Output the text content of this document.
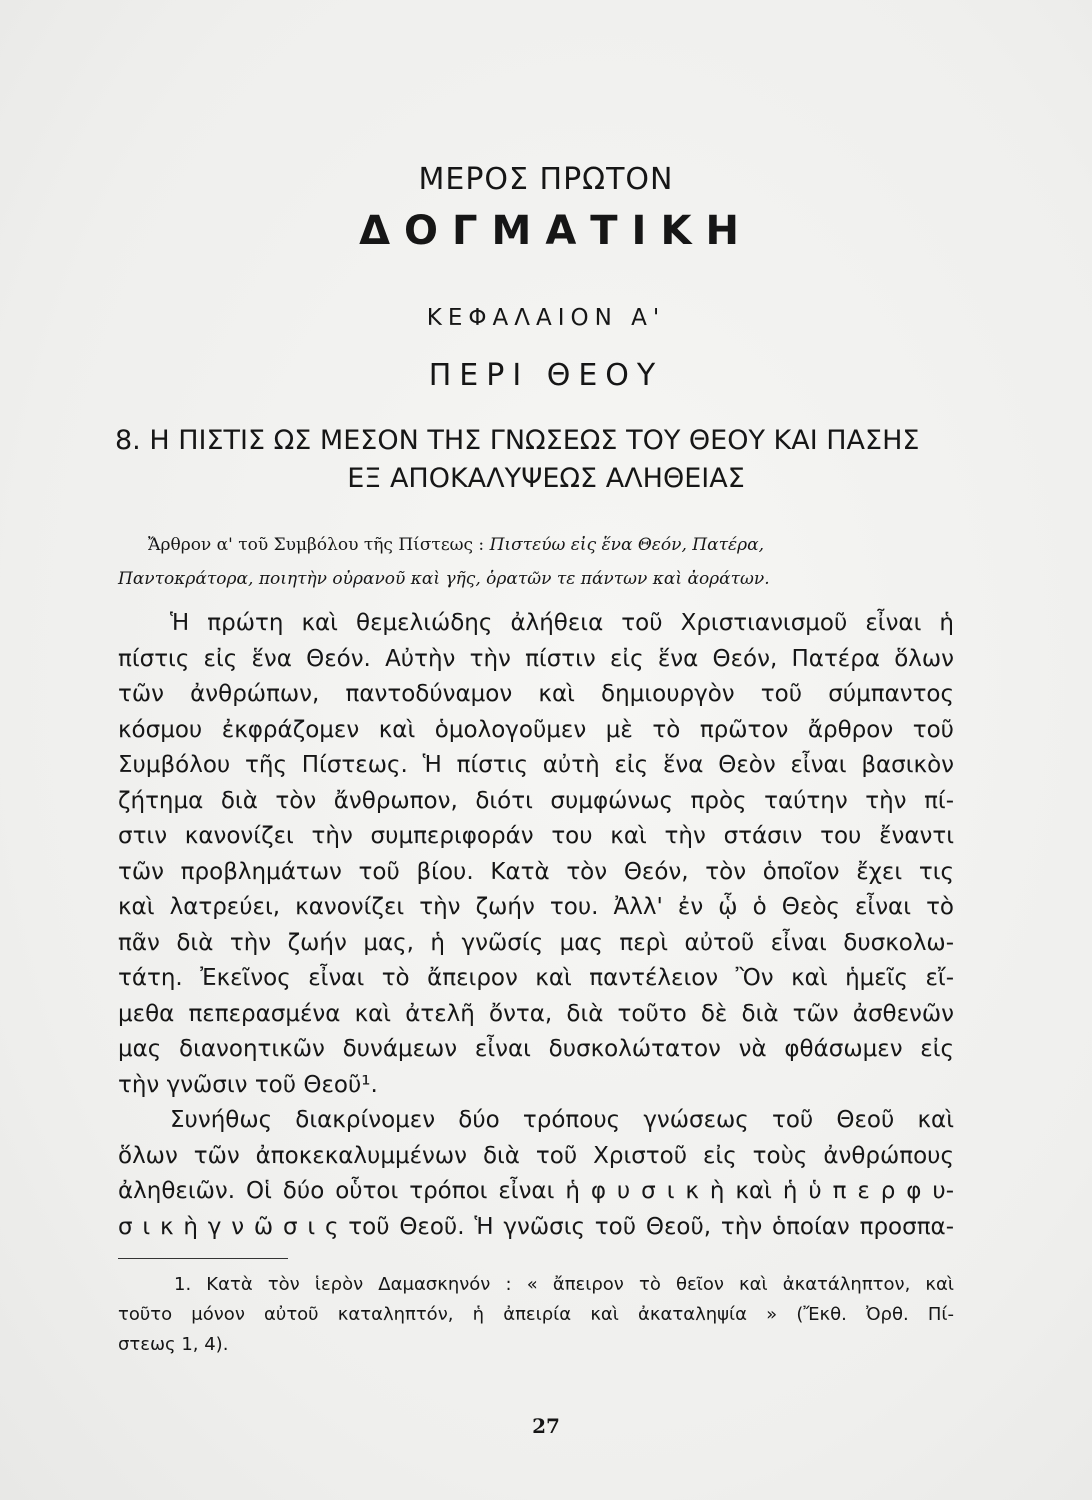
ΜΕΡΟΣ ΠΡΩΤΟΝ
ΔΟΓΜΑΤΙΚΗ
ΚΕΦΑΛΑΙΟΝ Α'
ΠΕΡΙ ΘΕΟΥ
8. Η ΠΙΣΤΙΣ ΩΣ ΜΕΣΟΝ ΤΗΣ ΓΝΩΣΕΩΣ ΤΟΥ ΘΕΟΥ ΚΑΙ ΠΑΣΗΣ
ΕΞ ΑΠΟΚΑΛΥΨΕΩΣ ΑΛΗΘΕΙΑΣ
Ἄρθρον α' τοῦ Συμβόλου τῆς Πίστεως : Πιστεύω εἰς ἕνα Θεόν, Πατέρα,
Παντοκράτορα, ποιητὴν οὐρανοῦ καὶ γῆς, ὁρατῶν τε πάντων καὶ ἀοράτων.
Ἡ πρώτη καὶ θεμελιώδης ἀλήθεια τοῦ Χριστιανισμοῦ εἶναι ἡ
πίστις εἰς ἕνα Θεόν. Αὐτὴν τὴν πίστιν εἰς ἕνα Θεόν, Πατέρα ὅλων
τῶν ἀνθρώπων, παντοδύναμον καὶ δημιουργὸν τοῦ σύμπαντος
κόσμου ἐκφράζομεν καὶ ὁμολογοῦμεν μὲ τὸ πρῶτον ἄρθρον τοῦ
Συμβόλου τῆς Πίστεως. Ἡ πίστις αὐτὴ εἰς ἕνα Θεὸν εἶναι βασικὸν
ζήτημα διὰ τὸν ἄνθρωπον, διότι συμφώνως πρὸς ταύτην τὴν πί-
στιν κανονίζει τὴν συμπεριφοράν του καὶ τὴν στάσιν του ἔναντι
τῶν προβλημάτων τοῦ βίου. Κατὰ τὸν Θεόν, τὸν ὁποῖον ἔχει τις
καὶ λατρεύει, κανονίζει τὴν ζωήν του. Ἀλλ' ἐν ᾧ ὁ Θεὸς εἶναι τὸ
πᾶν διὰ τὴν ζωήν μας, ἡ γνῶσίς μας περὶ αὐτοῦ εἶναι δυσκολω-
τάτη. Ἐκεῖνος εἶναι τὸ ἄπειρον καὶ παντέλειον Ὂν καὶ ἡμεῖς εἴ-
μεθα πεπερασμένα καὶ ἀτελῆ ὄντα, διὰ τοῦτο δὲ διὰ τῶν ἀσθενῶν
μας διανοητικῶν δυνάμεων εἶναι δυσκολώτατον νὰ φθάσωμεν εἰς
τὴν γνῶσιν τοῦ Θεοῦ¹.
Συνήθως διακρίνομεν δύο τρόπους γνώσεως τοῦ Θεοῦ καὶ
ὅλων τῶν ἀποκεκαλυμμένων διὰ τοῦ Χριστοῦ εἰς τοὺς ἀνθρώπους
ἀληθειῶν. Οἱ δύο οὗτοι τρόποι εἶναι ἡ φ υ σ ι κ ὴ καὶ ἡ ὑ π ε ρ φ υ-
1. Κατὰ τὸν ἱερὸν Δαμασκηνόν : « ἄπειρον τὸ θεῖον καὶ ἀκατάληπτον, καὶ
τοῦτο μόνον αὐτοῦ καταληπτόν, ἡ ἀπειρία καὶ ἀκαταληψία » (Ἔκθ. Ὀρθ. Πί-
στεως 1, 4).
27
σ ι κ ὴ γ ν ῶ σ ι ς τοῦ Θεοῦ. Ἡ γνῶσις τοῦ Θεοῦ, τὴν ὁποίαν προσπα-
